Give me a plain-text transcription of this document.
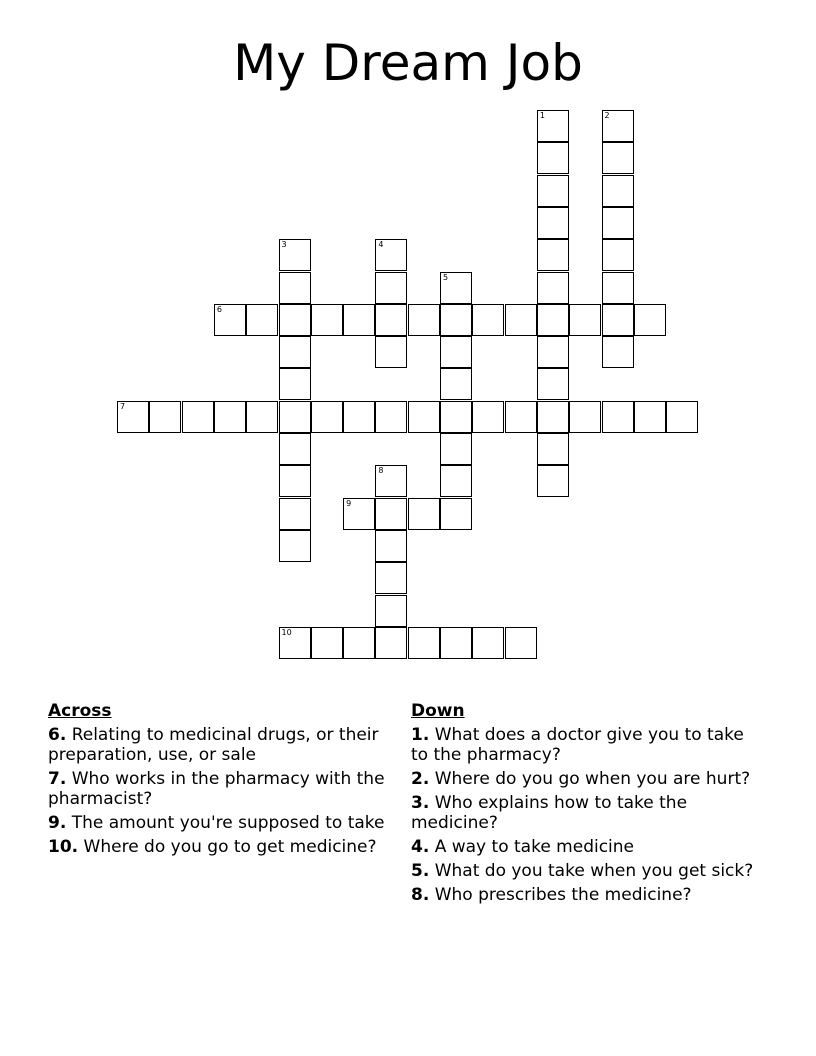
My Dream Job
1	2
3	4
5
6
7
8
9
10
Across
6. Relating to medicinal drugs, or their preparation, use, or sale
7. Who works in the pharmacy with the pharmacist?
9. The amount you're supposed to take
10. Where do you go to get medicine?
Down
1. What does a doctor give you to take to the pharmacy?
2. Where do you go when you are hurt?
3. Who explains how to take the medicine?
4. A way to take medicine
5. What do you take when you get sick?
8. Who prescribes the medicine?
